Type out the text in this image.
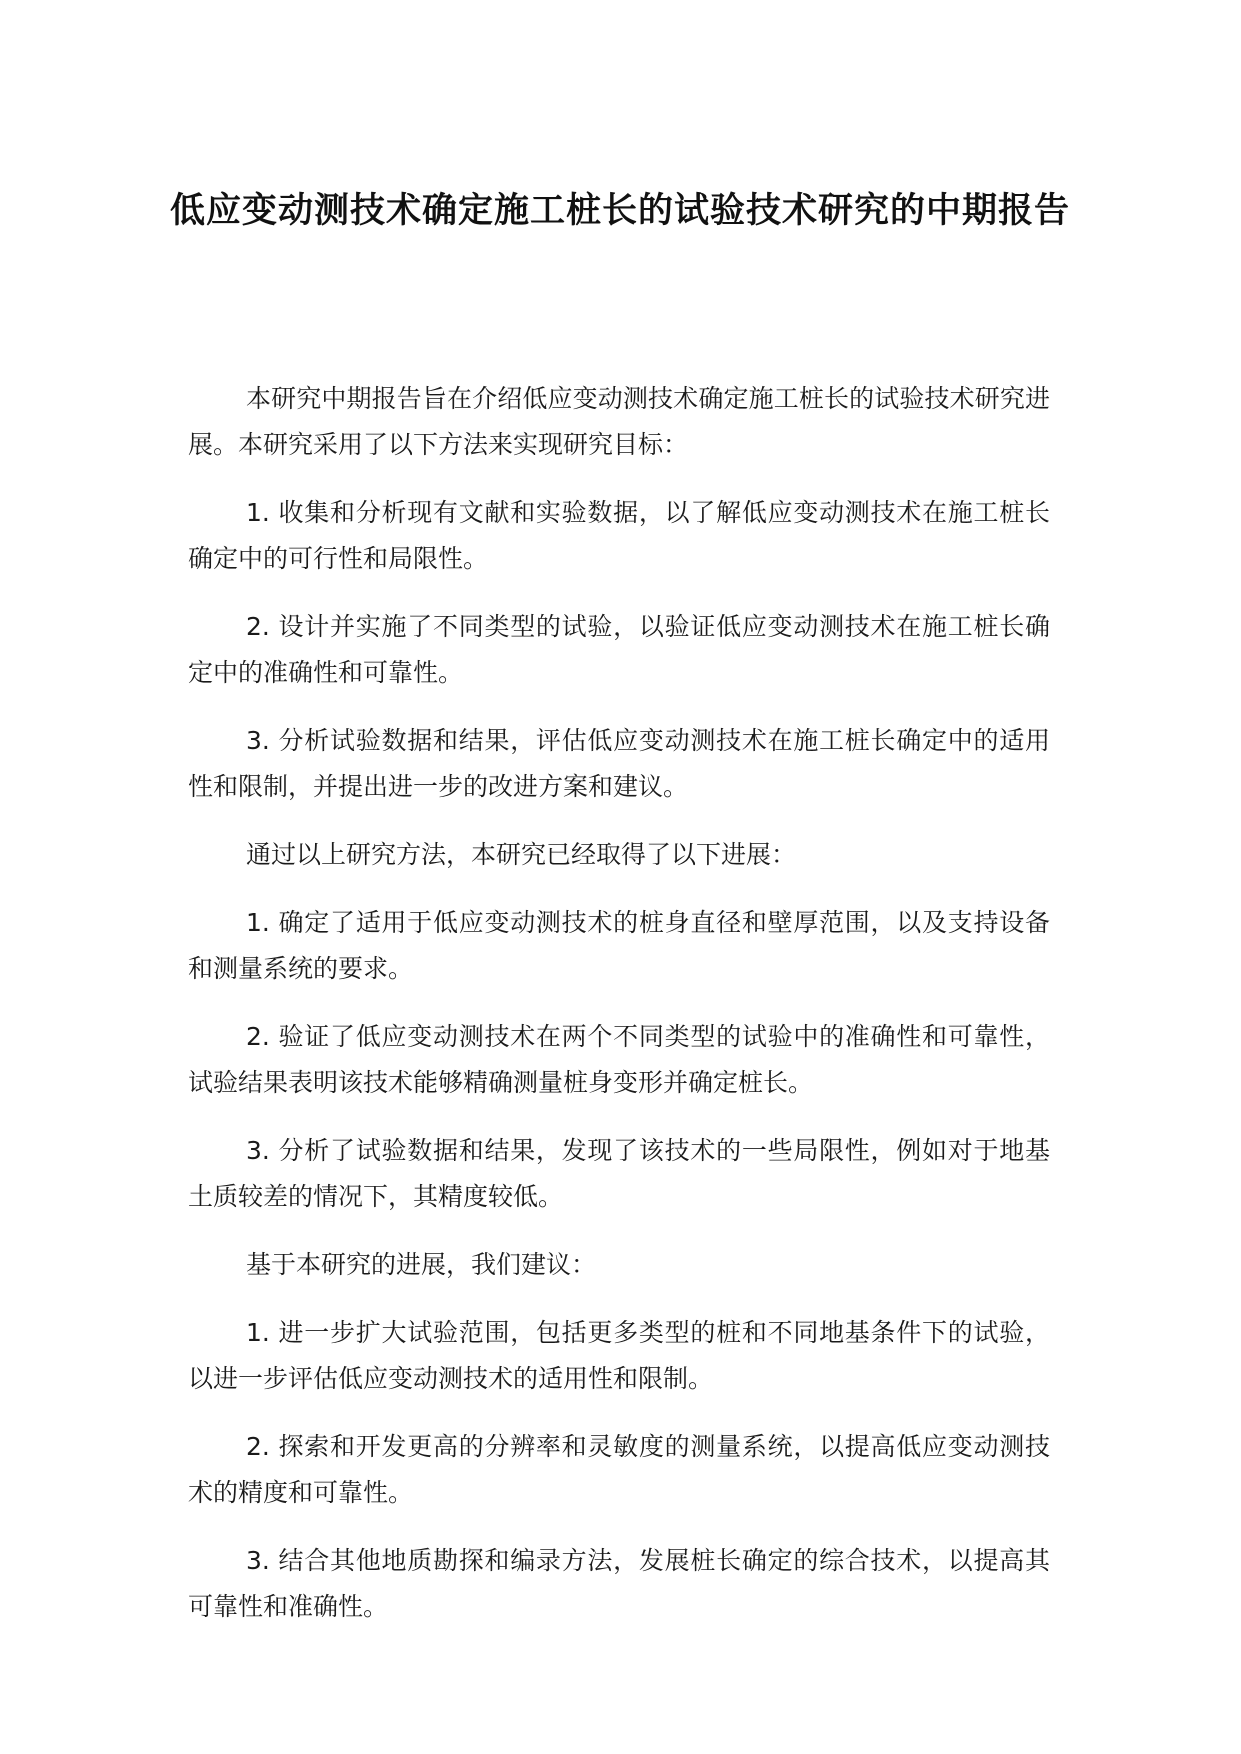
低应变动测技术确定施工桩长的试验技术研究的中期报告

本研究中期报告旨在介绍低应变动测技术确定施工桩长的试验技术研究进展。本研究采用了以下方法来实现研究目标：

1. 收集和分析现有文献和实验数据，以了解低应变动测技术在施工桩长确定中的可行性和局限性。

2. 设计并实施了不同类型的试验，以验证低应变动测技术在施工桩长确定中的准确性和可靠性。

3. 分析试验数据和结果，评估低应变动测技术在施工桩长确定中的适用性和限制，并提出进一步的改进方案和建议。

通过以上研究方法，本研究已经取得了以下进展：

1. 确定了适用于低应变动测技术的桩身直径和壁厚范围，以及支持设备和测量系统的要求。

2. 验证了低应变动测技术在两个不同类型的试验中的准确性和可靠性，试验结果表明该技术能够精确测量桩身变形并确定桩长。

3. 分析了试验数据和结果，发现了该技术的一些局限性，例如对于地基土质较差的情况下，其精度较低。

基于本研究的进展，我们建议：

1. 进一步扩大试验范围，包括更多类型的桩和不同地基条件下的试验，以进一步评估低应变动测技术的适用性和限制。

2. 探索和开发更高的分辨率和灵敏度的测量系统，以提高低应变动测技术的精度和可靠性。

3. 结合其他地质勘探和编录方法，发展桩长确定的综合技术，以提高其可靠性和准确性。
